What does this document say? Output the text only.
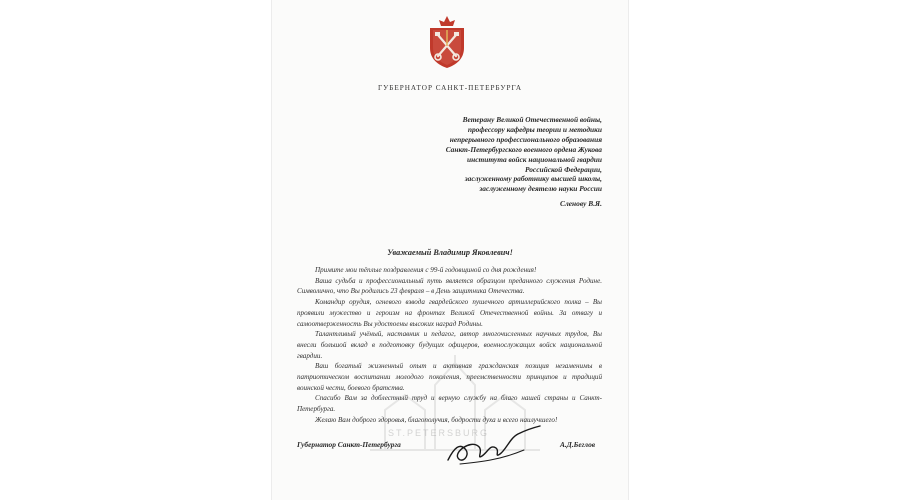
ST.PETERSBURG
ГУБЕРНАТОР САНКТ-ПЕТЕРБУРГА
Ветерану Великой Отечественной войны,
профессору кафедры теории и методики
непрерывного профессионального образования
Санкт-Петербургского военного ордена Жукова
института войск национальной гвардии
Российской Федерации,
заслуженному работнику высшей школы,
заслуженному деятелю науки России
Сленову В.Я.
Уважаемый Владимир Яковлевич!

Примите мои тёплые поздравления с 99-й годовщиной со дня рождения!

Ваша судьба и профессиональный путь является образцом преданного служения Родине. Символично, что Вы родились 23 февраля – в День защитника Отечества.

Командир орудия, огневого взвода гвардейского пушечного артиллерийского полка – Вы проявили мужество и героизм на фронтах Великой Отечественной войны. За отвагу и самоотверженность Вы удостоены высоких наград Родины.

Талантливый учёный, наставник и педагог, автор многочисленных научных трудов, Вы внесли большой вклад в подготовку будущих офицеров, военнослужащих войск национальной гвардии.

Ваш богатый жизненный опыт и активная гражданская позиция незаменимы в патриотическом воспитании молодого поколения, преемственности принципов и традиций воинской чести, боевого братства.

Спасибо Вам за доблестный труд и верную службу на благо нашей страны и Санкт-Петербурга.

Желаю Вам доброго здоровья, благополучия, бодрости духа и всего наилучшего!

Губернатор Санкт-Петербурга	А.Д.Беглов
